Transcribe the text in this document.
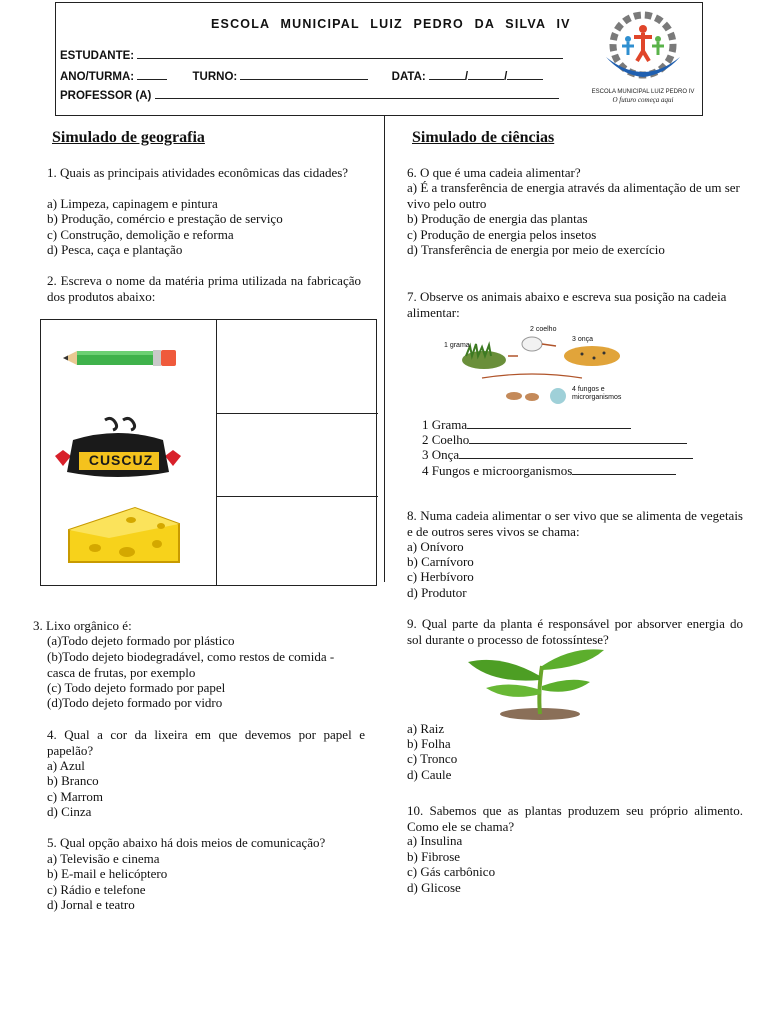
ESCOLA MUNICIPAL LUIZ PEDRO DA SILVA IV
ESTUDANTE:
ANO/TURMA:	TURNO:	DATA:	/	/
PROFESSOR (A)	ESCOLA MUNICIPAL LUIZ PEDRO IV
O futuro começa aqui
Simulado de geografia
1. Quais as principais atividades econômicas das cidades?
a) Limpeza, capinagem e pintura
b) Produção, comércio e prestação de serviço
c) Construção, demolição e reforma
d) Pesca, caça e plantação
2. Escreva o nome da matéria prima utilizada na fabricação dos produtos abaixo:
CUSCUZ
3. Lixo orgânico é:
(a)Todo dejeto formado por plástico
(b)Todo dejeto biodegradável, como restos de comida - casca de frutas, por exemplo
(c) Todo dejeto formado por papel
(d)Todo dejeto formado por vidro
4. Qual a cor da lixeira em que devemos por papel e papelão?
a) Azul
b) Branco
c) Marrom
d) Cinza
5. Qual opção abaixo há dois meios de comunicação?
a) Televisão e cinema
b) E-mail e helicóptero
c) Rádio e telefone
d) Jornal e teatro
Simulado de ciências
6. O que é uma cadeia alimentar?
a) É a transferência de energia através da alimentação de um ser vivo pelo outro
b) Produção de energia das plantas
c) Produção de energia pelos insetos
d) Transferência de energia por meio de exercício
7. Observe os animais abaixo e escreva sua posição na cadeia alimentar:
1 grama
2 coelho
3 onça
4 fungos e microrganismos
1 Grama
2 Coelho
3 Onça
4 Fungos e microorganismos
8. Numa cadeia alimentar o ser vivo que se alimenta de vegetais e de outros seres vivos se chama:
a) Onívoro
b) Carnívoro
c) Herbívoro
d) Produtor
9. Qual parte da planta é responsável por absorver energia do sol durante o processo de fotossíntese?
a) Raiz
b) Folha
c) Tronco
d) Caule
10. Sabemos que as plantas produzem seu próprio alimento. Como ele se chama?
a) Insulina
b) Fibrose
c) Gás carbônico
d) Glicose
